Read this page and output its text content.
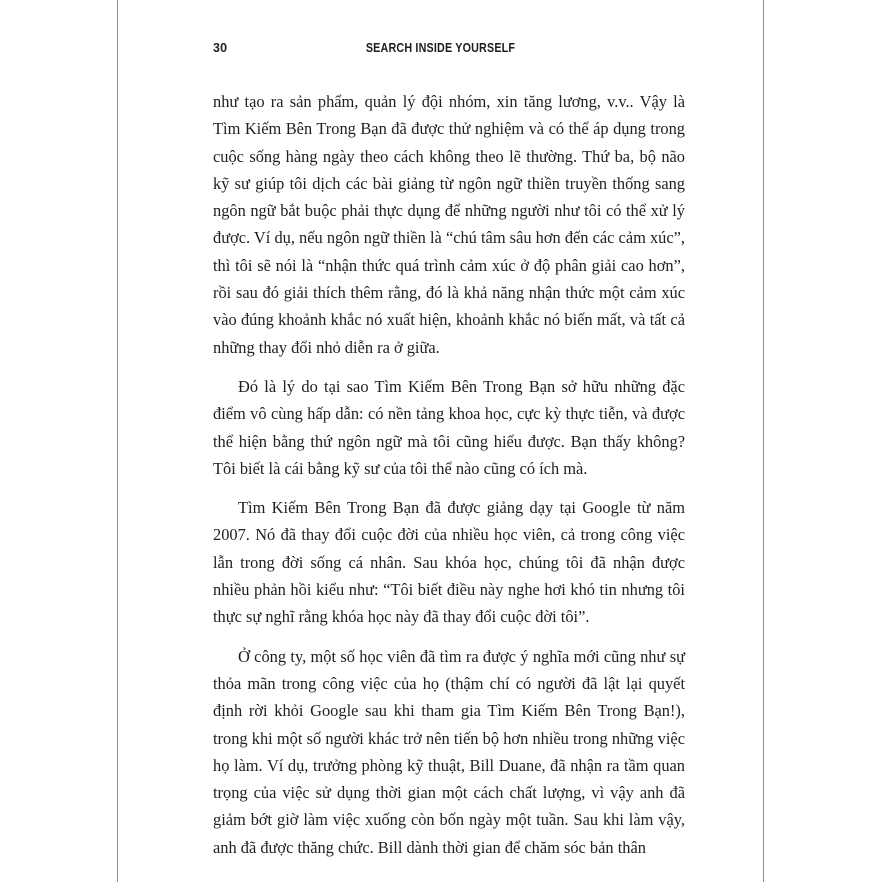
30	SEARCH INSIDE YOURSELF

như tạo ra sản phẩm, quản lý đội nhóm, xin tăng lương, v.v.. Vậy là Tìm Kiếm Bên Trong Bạn đã được thử nghiệm và có thể áp dụng trong cuộc sống hàng ngày theo cách không theo lẽ thường. Thứ ba, bộ não kỹ sư giúp tôi dịch các bài giảng từ ngôn ngữ thiền truyền thống sang ngôn ngữ bắt buộc phải thực dụng để những người như tôi có thể xử lý được. Ví dụ, nếu ngôn ngữ thiền là “chú tâm sâu hơn đến các cảm xúc”, thì tôi sẽ nói là “nhận thức quá trình cảm xúc ở độ phân giải cao hơn”, rồi sau đó giải thích thêm rằng, đó là khả năng nhận thức một cảm xúc vào đúng khoảnh khắc nó xuất hiện, khoảnh khắc nó biến mất, và tất cả những thay đổi nhỏ diễn ra ở giữa.

Đó là lý do tại sao Tìm Kiếm Bên Trong Bạn sở hữu những đặc điểm vô cùng hấp dẫn: có nền tảng khoa học, cực kỳ thực tiễn, và được thể hiện bằng thứ ngôn ngữ mà tôi cũng hiểu được. Bạn thấy không? Tôi biết là cái bằng kỹ sư của tôi thể nào cũng có ích mà.

Tìm Kiếm Bên Trong Bạn đã được giảng dạy tại Google từ năm 2007. Nó đã thay đổi cuộc đời của nhiều học viên, cả trong công việc lẫn trong đời sống cá nhân. Sau khóa học, chúng tôi đã nhận được nhiều phản hồi kiểu như: “Tôi biết điều này nghe hơi khó tin nhưng tôi thực sự nghĩ rằng khóa học này đã thay đổi cuộc đời tôi”.

Ở công ty, một số học viên đã tìm ra được ý nghĩa mới cũng như sự thỏa mãn trong công việc của họ (thậm chí có người đã lật lại quyết định rời khỏi Google sau khi tham gia Tìm Kiếm Bên Trong Bạn!), trong khi một số người khác trở nên tiến bộ hơn nhiều trong những việc họ làm. Ví dụ, trưởng phòng kỹ thuật, Bill Duane, đã nhận ra tầm quan trọng của việc sử dụng thời gian một cách chất lượng, vì vậy anh đã giảm bớt giờ làm việc xuống còn bốn ngày một tuần. Sau khi làm vậy, anh đã được thăng chức. Bill dành thời gian để chăm sóc bản thân
